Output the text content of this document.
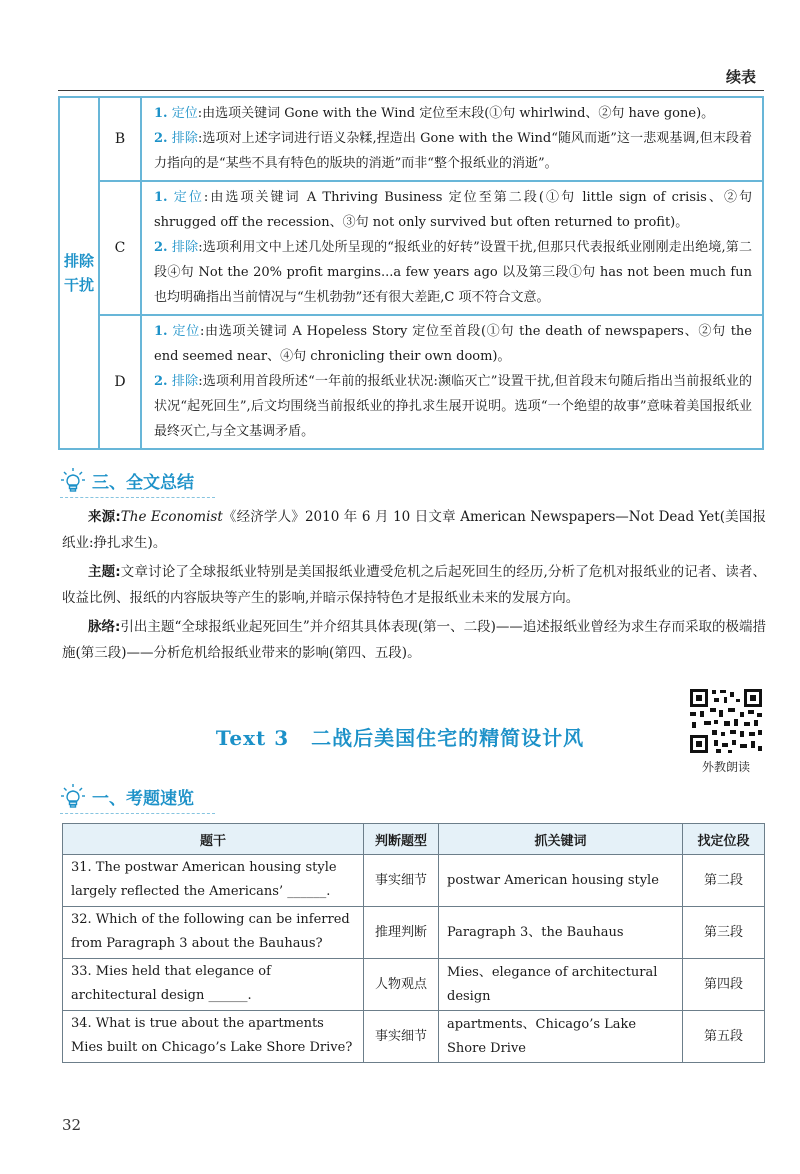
续表
排除干扰	B	1. 定位:由选项关键词 Gone with the Wind 定位至末段(①句 whirlwind、②句 have gone)。

2. 排除:选项对上述字词进行语义杂糅,捏造出 Gone with the Wind“随风而逝”这一悲观基调,但末段着力指向的是“某些不具有特色的版块的消逝”而非“整个报纸业的消逝”。

	C	1. 定位:由选项关键词 A Thriving Business 定位至第二段(①句 little sign of crisis、②句 shrugged off the recession、③句 not only survived but often returned to profit)。

2. 排除:选项利用文中上述几处所呈现的“报纸业的好转”设置干扰,但那只代表报纸业刚刚走出绝境,第二段④句 Not the 20% profit margins...a few years ago 以及第三段①句 has not been much fun 也均明确指出当前情况与“生机勃勃”还有很大差距,C 项不符合文意。

	D	1. 定位:由选项关键词 A Hopeless Story 定位至首段(①句 the death of newspapers、②句 the end seemed near、④句 chronicling their own doom)。

2. 排除:选项利用首段所述“一年前的报纸业状况:濒临灭亡”设置干扰,但首段末句随后指出当前报纸业的状况“起死回生”,后文均围绕当前报纸业的挣扎求生展开说明。选项“一个绝望的故事”意味着美国报纸业最终灭亡,与全文基调矛盾。

三、全文总结

来源:The Economist《经济学人》2010 年 6 月 10 日文章 American Newspapers—Not Dead Yet(美国报纸业:挣扎求生)。

主题:文章讨论了全球报纸业特别是美国报纸业遭受危机之后起死回生的经历,分析了危机对报纸业的记者、读者、收益比例、报纸的内容版块等产生的影响,并暗示保持特色才是报纸业未来的发展方向。

脉络:引出主题“全球报纸业起死回生”并介绍其具体表现(第一、二段)——追述报纸业曾经为求生存而采取的极端措施(第三段)——分析危机给报纸业带来的影响(第四、五段)。

Text 3 二战后美国住宅的精简设计风
外教朗读
一、考题速览
题干	判断题型	抓关键词	找定位段
31. The postwar American housing style largely reflected the Americans’ ______.	事实细节	postwar American housing style	第二段
32. Which of the following can be inferred from Paragraph 3 about the Bauhaus?	推理判断	Paragraph 3、the Bauhaus	第三段
33. Mies held that elegance of architectural design ______.	人物观点	Mies、elegance of architectural design	第四段
34. What is true about the apartments Mies built on Chicago’s Lake Shore Drive?	事实细节	apartments、Chicago’s Lake Shore Drive	第五段
32
